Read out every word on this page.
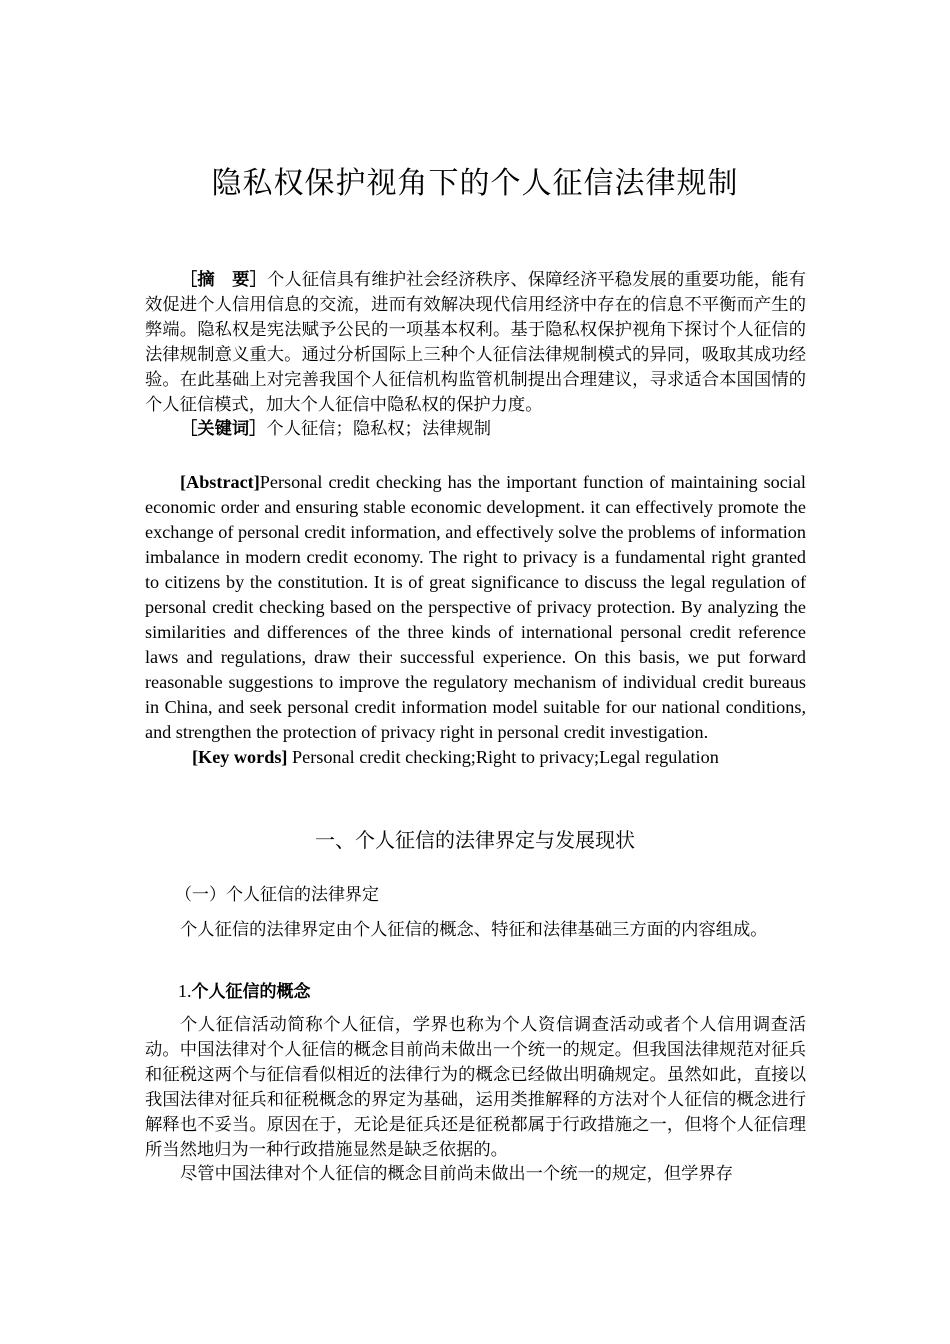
隐私权保护视角下的个人征信法律规制

［摘　要］个人征信具有维护社会经济秩序、保障经济平稳发展的重要功能，能有效促进个人信用信息的交流，进而有效解决现代信用经济中存在的信息不平衡而产生的弊端。隐私权是宪法赋予公民的一项基本权利。基于隐私权保护视角下探讨个人征信的法律规制意义重大。通过分析国际上三种个人征信法律规制模式的异同，吸取其成功经验。在此基础上对完善我国个人征信机构监管机制提出合理建议，寻求适合本国国情的个人征信模式，加大个人征信中隐私权的保护力度。

［关键词］个人征信；隐私权；法律规制

[Abstract]Personal credit checking has the important function of maintaining social economic order and ensuring stable economic development. it can effectively promote the exchange of personal credit information, and effectively solve the problems of information imbalance in modern credit economy. The right to privacy is a fundamental right granted to citizens by the constitution. It is of great significance to discuss the legal regulation of personal credit checking based on the perspective of privacy protection. By analyzing the similarities and differences of the three kinds of international personal credit reference laws and regulations, draw their successful experience. On this basis, we put forward reasonable suggestions to improve the regulatory mechanism of individual credit bureaus in China, and seek personal credit information model suitable for our national conditions, and strengthen the protection of privacy right in personal credit investigation.

[Key words] Personal credit checking;Right to privacy;Legal regulation

一、个人征信的法律界定与发展现状
（一）个人征信的法律界定

个人征信的法律界定由个人征信的概念、特征和法律基础三方面的内容组成。

1.个人征信的概念

个人征信活动简称个人征信，学界也称为个人资信调查活动或者个人信用调查活动。中国法律对个人征信的概念目前尚未做出一个统一的规定。但我国法律规范对征兵和征税这两个与征信看似相近的法律行为的概念已经做出明确规定。虽然如此，直接以我国法律对征兵和征税概念的界定为基础，运用类推解释的方法对个人征信的概念进行解释也不妥当。原因在于，无论是征兵还是征税都属于行政措施之一，但将个人征信理所当然地归为一种行政措施显然是缺乏依据的。

尽管中国法律对个人征信的概念目前尚未做出一个统一的规定，但学界存
